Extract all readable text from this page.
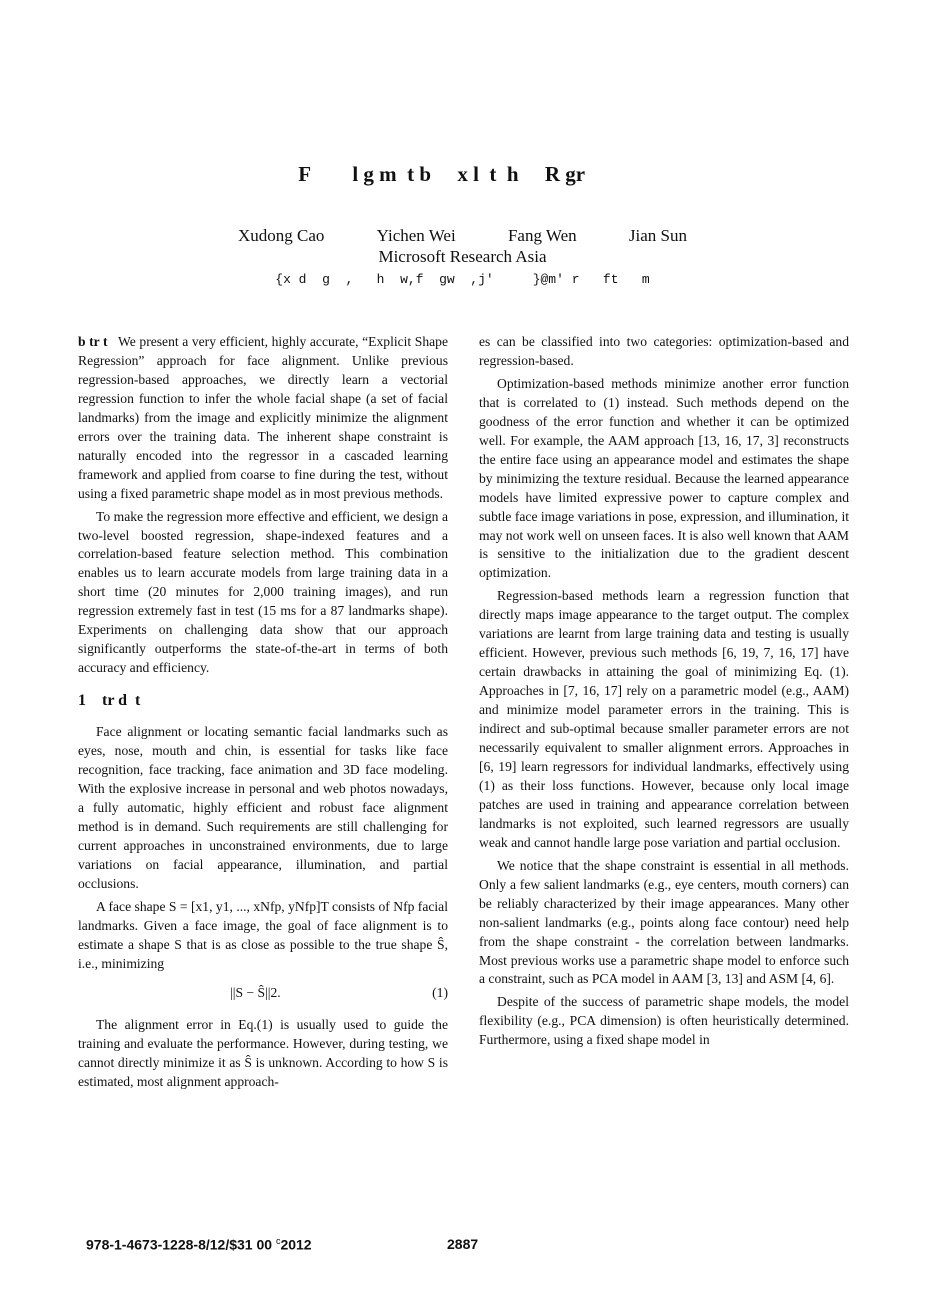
F        l g m  t b     x l  t  h     R gr
Xudong Cao	Yichen Wei	Fang Wen	Jian Sun
Microsoft Research Asia
{x d  g  ,   h  w,f  gw  ,j'     }@m' r   ft   m

b tr t We present a very efficient, highly accurate, “Explicit Shape Regression” approach for face alignment. Unlike previous regression-based approaches, we directly learn a vectorial regression function to infer the whole facial shape (a set of facial landmarks) from the image and explicitly minimize the alignment errors over the training data. The inherent shape constraint is naturally encoded into the regressor in a cascaded learning framework and applied from coarse to fine during the test, without using a fixed parametric shape model as in most previous methods.

To make the regression more effective and efficient, we design a two-level boosted regression, shape-indexed features and a correlation-based feature selection method. This combination enables us to learn accurate models from large training data in a short time (20 minutes for 2,000 training images), and run regression extremely fast in test (15 ms for a 87 landmarks shape). Experiments on challenging data show that our approach significantly outperforms the state-of-the-art in terms of both accuracy and efficiency.

1    tr d  t

Face alignment or locating semantic facial landmarks such as eyes, nose, mouth and chin, is essential for tasks like face recognition, face tracking, face animation and 3D face modeling. With the explosive increase in personal and web photos nowadays, a fully automatic, highly efficient and robust face alignment method is in demand. Such requirements are still challenging for current approaches in unconstrained environments, due to large variations on facial appearance, illumination, and partial occlusions.

A face shape S = [x1, y1, ..., xNfp, yNfp]T consists of Nfp facial landmarks. Given a face image, the goal of face alignment is to estimate a shape S that is as close as possible to the true shape Ŝ, i.e., minimizing

||S − Ŝ||2.	(1)

The alignment error in Eq.(1) is usually used to guide the training and evaluate the performance. However, during testing, we cannot directly minimize it as Ŝ is unknown. According to how S is estimated, most alignment approach-

es can be classified into two categories: optimization-based and regression-based.

Optimization-based methods minimize another error function that is correlated to (1) instead. Such methods depend on the goodness of the error function and whether it can be optimized well. For example, the AAM approach [13, 16, 17, 3] reconstructs the entire face using an appearance model and estimates the shape by minimizing the texture residual. Because the learned appearance models have limited expressive power to capture complex and subtle face image variations in pose, expression, and illumination, it may not work well on unseen faces. It is also well known that AAM is sensitive to the initialization due to the gradient descent optimization.

Regression-based methods learn a regression function that directly maps image appearance to the target output. The complex variations are learnt from large training data and testing is usually efficient. However, previous such methods [6, 19, 7, 16, 17] have certain drawbacks in attaining the goal of minimizing Eq. (1). Approaches in [7, 16, 17] rely on a parametric model (e.g., AAM) and minimize model parameter errors in the training. This is indirect and sub-optimal because smaller parameter errors are not necessarily equivalent to smaller alignment errors. Approaches in [6, 19] learn regressors for individual landmarks, effectively using (1) as their loss functions. However, because only local image patches are used in training and appearance correlation between landmarks is not exploited, such learned regressors are usually weak and cannot handle large pose variation and partial occlusion.

We notice that the shape constraint is essential in all methods. Only a few salient landmarks (e.g., eye centers, mouth corners) can be reliably characterized by their image appearances. Many other non-salient landmarks (e.g., points along face contour) need help from the shape constraint - the correlation between landmarks. Most previous works use a parametric shape model to enforce such a constraint, such as PCA model in AAM [3, 13] and ASM [4, 6].

Despite of the success of parametric shape models, the model flexibility (e.g., PCA dimension) is often heuristically determined. Furthermore, using a fixed shape model in

978-1-4673-1228-8/12/$31 00 $^c$2012	2887
